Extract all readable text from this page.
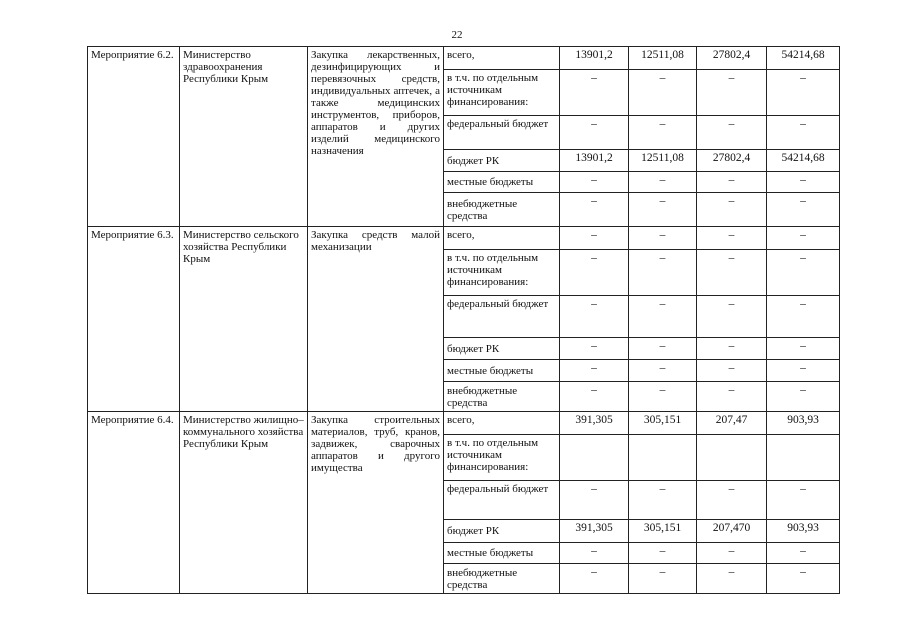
22
Мероприятие 6.2.	Министерство здравоохранения Республики Крым	Закупка лекарственных, дезинфицирующих и перевязочных средств, индивидуальных аптечек, а также медицинских инструментов, приборов, аппаратов и других изделий медицинского назначения	всего,	13901,2	12511,08	27802,4	54214,68
			в т.ч. по отдельным источникам финансирования:	–	–	–	–
			федеральный бюджет	–	–	–	–
			бюджет РК	13901,2	12511,08	27802,4	54214,68
			местные бюджеты	–	–	–	–
			внебюджетные средства	–	–	–	–
Мероприятие 6.3.	Министерство сельского хозяйства Республики Крым	Закупка средств малой механизации	всего,	–	–	–	–
			в т.ч. по отдельным источникам финансирования:	–	–	–	–
			федеральный бюджет	–	–	–	–
			бюджет РК	–	–	–	–
			местные бюджеты	–	–	–	–
			внебюджетные средства	–	–	–	–
Мероприятие 6.4.	Министерство жилищно–коммунального хозяйства Республики Крым	Закупка строительных материалов, труб, кранов, задвижек, сварочных аппаратов и другого имущества	всего,	391,305	305,151	207,47	903,93
			в т.ч. по отдельным источникам финансирования:				
			федеральный бюджет	–	–	–	–
			бюджет РК	391,305	305,151	207,470	903,93
			местные бюджеты	–	–	–	–
			внебюджетные средства	–	–	–	–
